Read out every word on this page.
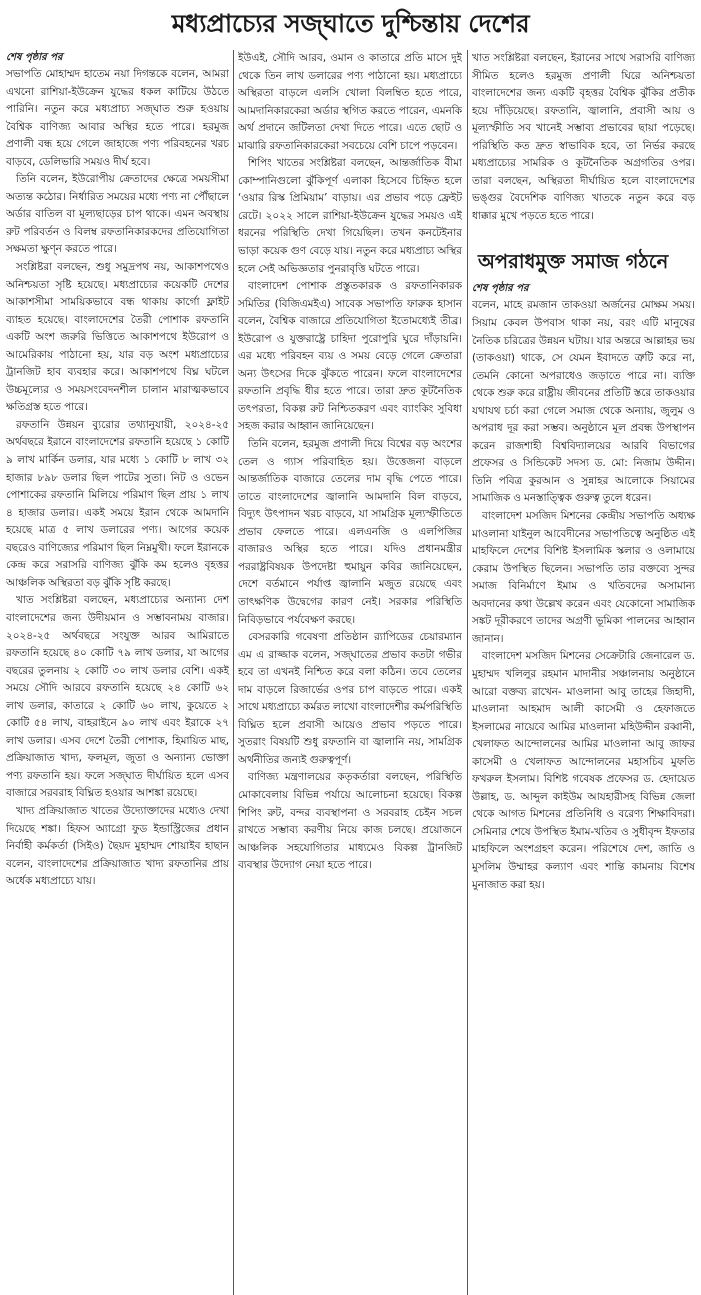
মধ্যপ্রাচ্যের সজ্ঘাতে দুশ্চিন্তায় দেশের
শেষ পৃষ্ঠার পর

সভাপতি মোহাম্মদ হাতেম নয়া দিগন্তকে বলেন, আমরা এখনো রাশিয়া-ইউক্রেন যুদ্ধের ধকল কাটিয়ে উঠতে পারিনি। নতুন করে মধ্যপ্রাচ্য সজ্ঘাত শুরু হওয়ায় বৈশ্বিক বাণিজ্য আবার অস্থির হতে পারে। হরমুজ প্রণালী বন্ধ হয়ে গেলে জাহাজে পণ্য পরিবহনের খরচ বাড়বে, ডেলিভারি সময়ও দীর্ঘ হবে।

তিনি বলেন, ইউরোপীয় ক্রেতাদের ক্ষেত্রে সময়সীমা অত্যন্ত কঠোর। নির্ধারিত সময়ের মধ্যে পণ্য না পৌঁছালে অর্ডার বাতিল বা মূল্যছাড়ের চাপ থাকে। এমন অবস্থায় রুট পরিবর্তন ও বিলম্ব রফতানিকারকদের প্রতিযোগিতা সক্ষমতা ক্ষুণ্ন করতে পারে।

সংশ্লিষ্টরা বলছেন, শুধু সমুদ্রপথ নয়, আকাশপথেও অনিশ্চয়তা সৃষ্টি হয়েছে। মধ্যপ্রাচ্যের কয়েকটি দেশের আকাশসীমা সাময়িকভাবে বন্ধ থাকায় কার্গো ফ্লাইট ব্যাহত হয়েছে। বাংলাদেশের তৈরী পোশাক রফতানি একটি অংশ জরুরি ভিত্তিতে আকাশপথে ইউরোপ ও আমেরিকায় পাঠানো হয়, যার বড় অংশ মধ্যপ্রাচ্যের ট্রানজিট হাব ব্যবহার করে। আকাশপথে বিঘ্ন ঘটলে উচ্চমূল্যের ও সময়সংবেদনশীল চালান মারাত্মকভাবে ক্ষতিগ্রস্ত হতে পারে।

রফতানি উন্নয়ন ব্যুরোর তথ্যানুযায়ী, ২০২৪-২৫ অর্থবছরে ইরানে বাংলাদেশের রফতানি হয়েছে ১ কোটি ৯ লাখ মার্কিন ডলার, যার মধ্যে ১ কোটি ৮ লাখ ৩২ হাজার ৮৯৮ ডলার ছিল পাটের সুতা। নিট ও ওভেন পোশাকের রফতানি মিলিয়ে পরিমাণ ছিল প্রায় ১ লাখ ৪ হাজার ডলার। একই সময়ে ইরান থেকে আমদানি হয়েছে মাত্র ৫ লাখ ডলারের পণ্য। আগের কয়েক বছরেও বাণিজ্যের পরিমাণ ছিল নিম্নমুখী। ফলে ইরানকে কেন্দ্র করে সরাসরি বাণিজ্য ঝুঁকি কম হলেও বৃহত্তর আঞ্চলিক অস্থিরতা বড় ঝুঁকি সৃষ্টি করছে।

খাত সংশ্লিষ্টরা বলছেন, মধ্যপ্রাচ্যের অন্যান্য দেশ বাংলাদেশের জন্য উদীয়মান ও সম্ভাবনাময় বাজার। ২০২৪-২৫ অর্থবছরে সংযুক্ত আরব আমিরাতে রফতানি হয়েছে ৪০ কোটি ৭৯ লাখ ডলার, যা আগের বছরের তুলনায় ২ কোটি ৩০ লাখ ডলার বেশি। একই সময়ে সৌদি আরবে রফতানি হয়েছে ২৪ কোটি ৬২ লাখ ডলার, কাতারে ২ কোটি ৬০ লাখ, কুয়েতে ২ কোটি ৫৪ লাখ, বাহরাইনে ৯০ লাখ এবং ইরাকে ২৭ লাখ ডলার। এসব দেশে তৈরী পোশাক, হিমায়িত মাছ, প্রক্রিয়াজাত খাদ্য, ফলমূল, জুতা ও অন্যান্য ভোক্তা পণ্য রফতানি হয়। ফলে সজ্ঘাত দীর্ঘায়িত হলে এসব বাজারে সরবরাহ বিঘ্নিত হওয়ার আশঙ্কা রয়েছে।

খাদ্য প্রক্রিয়াজাত খাতের উদ্যোক্তাদের মধ্যেও দেখা দিয়েছে শঙ্কা। হিফস অ্যাগ্রো ফুড ইন্ডাস্ট্রিজের প্রধান নির্বাহী কর্মকর্তা (সিইও) ছৈয়দ মুহাম্মদ শোয়াইব হাছান বলেন, বাংলাদেশের প্রক্রিয়াজাত খাদ্য রফতানির প্রায় অর্ধেক মধ্যপ্রাচ্যে যায়।

ইউএই, সৌদি আরব, ওমান ও কাতারে প্রতি মাসে দুই থেকে তিন লাখ ডলারের পণ্য পাঠানো হয়। মধ্যপ্রাচ্যে অস্থিরতা বাড়লে এলসি খোলা বিলম্বিত হতে পারে, আমদানিকারকেরা অর্ডার স্থগিত করতে পারেন, এমনকি অর্থ প্রদানে জটিলতা দেখা দিতে পারে। এতে ছোট ও মাঝারি রফতানিকারকেরা সবচেয়ে বেশি চাপে পড়বেন।

শিপিং খাতের সংশ্লিষ্টরা বলছেন, আন্তর্জাতিক বীমা কোম্পানিগুলো ঝুঁকিপূর্ণ এলাকা হিসেবে চিহ্নিত হলে ‘ওয়ার রিস্ক প্রিমিয়াম’ বাড়ায়। এর প্রভাব পড়ে ফ্রেইট রেটে। ২০২২ সালে রাশিয়া-ইউক্রেন যুদ্ধের সময়ও এই ধরনের পরিস্থিতি দেখা গিয়েছিল। তখন কনটেইনার ভাড়া কয়েক গুণ বেড়ে যায়। নতুন করে মধ্যপ্রাচ্য অস্থির হলে সেই অভিজ্ঞতার পুনরাবৃত্তি ঘটতে পারে।

বাংলাদেশ পোশাক প্রস্তুতকারক ও রফতানিকারক সমিতির (বিজিএমইএ) সাবেক সভাপতি ফারুক হাসান বলেন, বৈশ্বিক বাজারে প্রতিযোগিতা ইতোমধ্যেই তীব্র। ইউরোপ ও যুক্তরাষ্ট্রে চাহিদা পুরোপুরি ঘুরে দাঁড়ায়নি। এর মধ্যে পরিবহন ব্যয় ও সময় বেড়ে গেলে ক্রেতারা অন্য উৎসের দিকে ঝুঁকতে পারেন। ফলে বাংলাদেশের রফতানি প্রবৃদ্ধি ধীর হতে পারে। তারা দ্রুত কূটনৈতিক তৎপরতা, বিকল্প রুট নিশ্চিতকরণ এবং ব্যাংকিং সুবিধা সহজ করার আহ্বান জানিয়েছেন।

তিনি বলেন, হরমুজ প্রণালী দিয়ে বিশ্বের বড় অংশের তেল ও গ্যাস পরিবাহিত হয়। উত্তেজনা বাড়লে আন্তর্জাতিক বাজারে তেলের দাম বৃদ্ধি পেতে পারে। তাতে বাংলাদেশের জ্বালানি আমদানি বিল বাড়বে, বিদ্যুৎ উৎপাদন খরচ বাড়বে, যা সামগ্রিক মূল্যস্ফীতিতে প্রভাব ফেলতে পারে। এলএনজি ও এলপিজির বাজারও অস্থির হতে পারে। যদিও প্রধানমন্ত্রীর পররাষ্ট্রবিষয়ক উপদেষ্টা হুমায়ুন কবির জানিয়েছেন, দেশে বর্তমানে পর্যাপ্ত জ্বালানি মজুত রয়েছে এবং তাৎক্ষণিক উদ্বেগের কারণ নেই। সরকার পরিস্থিতি নিবিড়ভাবে পর্যবেক্ষণ করছে।

বেসরকারি গবেষণা প্রতিষ্ঠান র‍্যাপিডের চেয়ারম্যান এম এ রাজ্জাক বলেন, সজ্ঘাতের প্রভাব কতটা গভীর হবে তা এখনই নিশ্চিত করে বলা কঠিন। তবে তেলের দাম বাড়লে রিজার্ভের ওপর চাপ বাড়তে পারে। একই সাথে মধ্যপ্রাচ্যে কর্মরত লাখো বাংলাদেশীর কর্মপরিস্থিতি বিঘ্নিত হলে প্রবাসী আয়েও প্রভাব পড়তে পারে। সুতরাং বিষয়টি শুধু রফতানি বা জ্বালানি নয়, সামগ্রিক অর্থনীতির জন্যই গুরুত্বপূর্ণ।

বাণিজ্য মন্ত্রণালয়ের কতৃকর্তারা বলছেন, পরিস্থিতি মোকাবেলায় বিভিন্ন পর্যায়ে আলোচনা হয়েছে। বিকল্প শিপিং রুট, বন্দর ব্যবস্থাপনা ও সরবরাহ চেইন সচল রাখতে সম্ভাব্য করণীয় নিয়ে কাজ চলছে। প্রয়োজনে আঞ্চলিক সহযোগিতার মাধ্যমেও বিকল্প ট্রানজিট ব্যবস্থার উদ্যোগ নেয়া হতে পারে।

খাত সংশ্লিষ্টরা বলছেন, ইরানের সাথে সরাসরি বাণিজ্য সীমিত হলেও হরমুজ প্রণালী ঘিরে অনিশ্চয়তা বাংলাদেশের জন্য একটি বৃহত্তর বৈশ্বিক ঝুঁকির প্রতীক হয়ে দাঁড়িয়েছে। রফতানি, জ্বালানি, প্রবাসী আয় ও মূল্যস্ফীতি সব খানেই সম্ভাব্য প্রভাবের ছায়া পড়েছে। পরিস্থিতি কত দ্রুত স্বাভাবিক হবে, তা নির্ভর করছে মধ্যপ্রাচ্যের সামরিক ও কূটনৈতিক অগ্রগতির ওপর। তারা বলছেন, অস্থিরতা দীর্ঘায়িত হলে বাংলাদেশের ভঙ্গুর বৈদেশিক বাণিজ্য খাতকে নতুন করে বড় ধাক্কার মুখে পড়তে হতে পারে।

অপরাধমুক্ত সমাজ গঠনে
শেষ পৃষ্ঠার পর

বলেন, মাহে রমজান তাকওয়া অর্জনের মোক্ষম সময়। সিয়াম কেবল উপবাস থাকা নয়, বরং এটি মানুষের নৈতিক চরিত্রের উন্নয়ন ঘটায়। যার অন্তরে আল্লাহর ভয় (তাকওয়া) থাকে, সে যেমন ইবাদতে ত্রুটি করে না, তেমনি কোনো অপরাধেও জড়াতে পারে না। ব্যক্তি থেকে শুরু করে রাষ্ট্রীয় জীবনের প্রতিটি স্তরে তাকওয়ার যথাযথ চর্চা করা গেলে সমাজ থেকে অন্যায়, জুলুম ও অপরাধ দূর করা সম্ভব। অনুষ্ঠানে মূল প্রবন্ধ উপস্থাপন করেন রাজশাহী বিশ্ববিদ্যালয়ের আরবি বিভাগের প্রফেসর ও সিন্ডিকেট সদস্য ড. মো: নিজাম উদ্দীন। তিনি পবিত্র কুরআন ও সুন্নাহর আলোকে সিয়ামের সামাজিক ও মনস্তাত্ত্বিক গুরুত্ব তুলে ধরেন।

বাংলাদেশ মসজিদ মিশনের কেন্দ্রীয় সভাপতি অধ্যক্ষ মাওলানা যাইনুল আবেদীনের সভাপতিত্বে অনুষ্ঠিত এই মাহফিলে দেশের বিশিষ্ট ইসলামিক স্কলার ও ওলামায়ে কেরাম উপস্থিত ছিলেন। সভাপতি তার বক্তব্যে সুন্দর সমাজ বিনির্মাণে ইমাম ও খতিবদের অসামান্য অবদানের কথা উল্লেখ করেন এবং যেকোনো সামাজিক সঙ্কট দূরীকরণে তাদের অগ্রণী ভূমিকা পালনের আহ্বান জানান।

বাংলাদেশ মসজিদ মিশনের সেক্রেটারি জেনারেল ড. মুহাম্মদ খলিলুর রহমান মাদানীর সঞ্চালনায় অনুষ্ঠানে আরো বক্তব্য রাখেন- মাওলানা আবু তাহের জিহাদী, মাওলানা আহমাদ আলী কাসেমী ও হেফাজতে ইসলামের নায়েবে আমির মাওলানা মহিউদ্দীন রব্বানী, খেলাফত আন্দোলনের আমির মাওলানা আবু জাফর কাসেমী ও খেলাফত আন্দোলনের মহাসচিব মুফতি ফখরুল ইসলাম। বিশিষ্ট গবেষক প্রফেসর ড. হেদায়েত উল্লাহ, ড. আব্দুল কাইউম আযহারীসহ বিভিন্ন জেলা থেকে আগত মিশনের প্রতিনিধি ও বরেণ্য শিক্ষাবিদরা। সেমিনার শেষে উপস্থিত ইমাম-খতিব ও সুধীবৃন্দ ইফতার মাহফিলে অংশগ্রহণ করেন। পরিশেষে দেশ, জাতি ও মুসলিম উম্মাহর কল্যাণ এবং শান্তি কামনায় বিশেষ মুনাজাত করা হয়।
